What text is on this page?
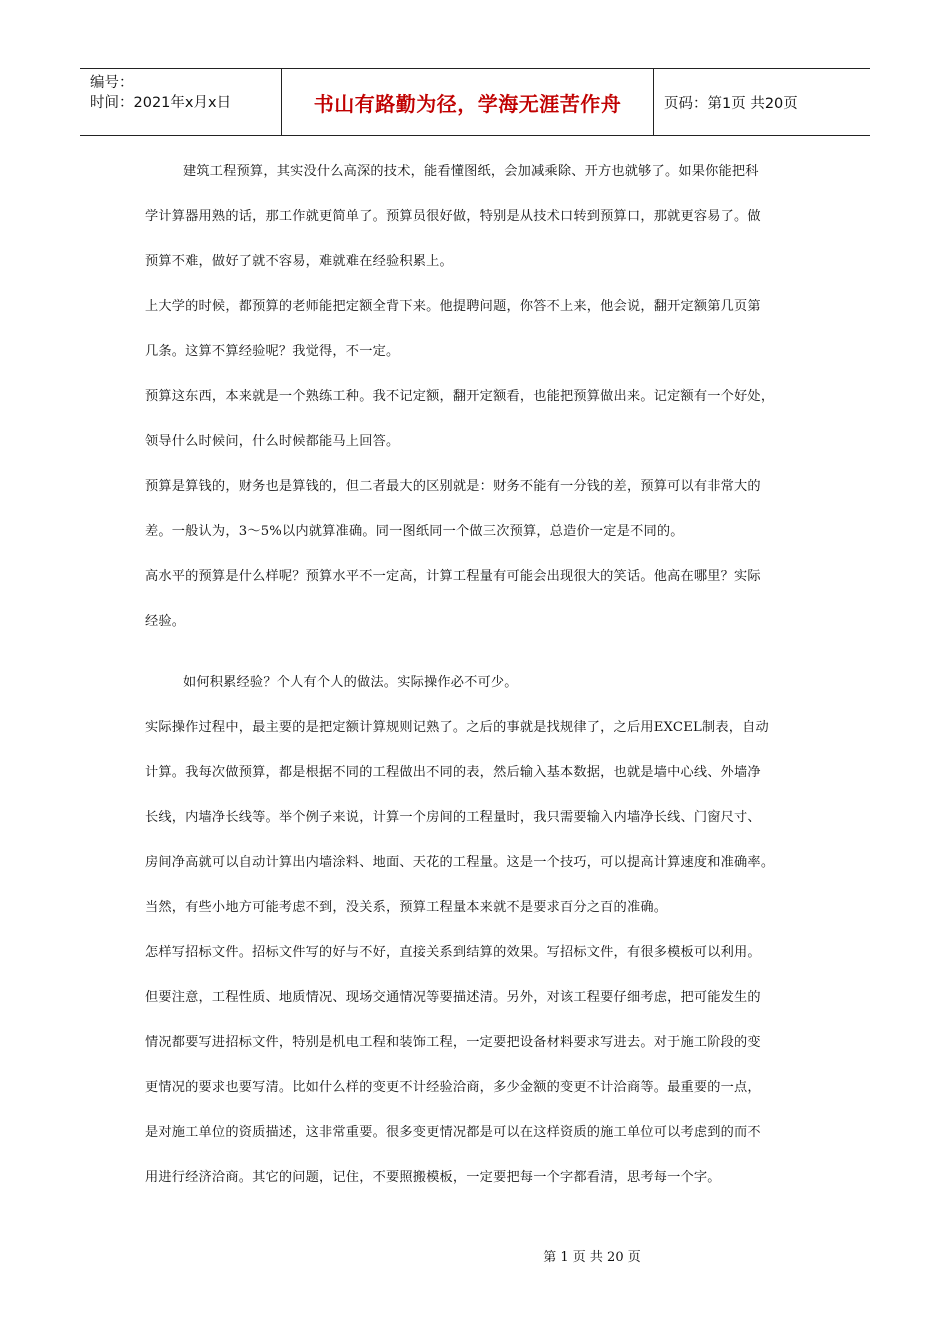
编号：
时间：2021年x月x日	书山有路勤为径，学海无涯苦作舟	页码：第1页 共20页
建筑工程预算，其实没什么高深的技术，能看懂图纸，会加减乘除、开方也就够了。如果你能把科
学计算器用熟的话，那工作就更简单了。预算员很好做，特别是从技术口转到预算口，那就更容易了。做
预算不难，做好了就不容易，难就难在经验积累上。
上大学的时候，都预算的老师能把定额全背下来。他提聘问题，你答不上来，他会说，翻开定额第几页第
几条。这算不算经验呢？我觉得，不一定。
预算这东西，本来就是一个熟练工种。我不记定额，翻开定额看，也能把预算做出来。记定额有一个好处，
领导什么时候问，什么时候都能马上回答。
预算是算钱的，财务也是算钱的，但二者最大的区别就是：财务不能有一分钱的差，预算可以有非常大的
差。一般认为，3～5%以内就算准确。同一图纸同一个做三次预算，总造价一定是不同的。
高水平的预算是什么样呢？预算水平不一定高，计算工程量有可能会出现很大的笑话。他高在哪里？实际
经验。
如何积累经验？个人有个人的做法。实际操作必不可少。
实际操作过程中，最主要的是把定额计算规则记熟了。之后的事就是找规律了，之后用EXCEL制表，自动
计算。我每次做预算，都是根据不同的工程做出不同的表，然后输入基本数据，也就是墙中心线、外墙净
长线，内墙净长线等。举个例子来说，计算一个房间的工程量时，我只需要输入内墙净长线、门窗尺寸、
房间净高就可以自动计算出内墙涂料、地面、天花的工程量。这是一个技巧，可以提高计算速度和准确率。
当然，有些小地方可能考虑不到，没关系，预算工程量本来就不是要求百分之百的准确。
怎样写招标文件。招标文件写的好与不好，直接关系到结算的效果。写招标文件，有很多模板可以利用。
但要注意，工程性质、地质情况、现场交通情况等要描述清。另外，对该工程要仔细考虑，把可能发生的
情况都要写进招标文件，特别是机电工程和装饰工程，一定要把设备材料要求写进去。对于施工阶段的变
更情况的要求也要写清。比如什么样的变更不计经验洽商，多少金额的变更不计洽商等。最重要的一点，
是对施工单位的资质描述，这非常重要。很多变更情况都是可以在这样资质的施工单位可以考虑到的而不
用进行经济洽商。其它的问题，记住，不要照搬模板，一定要把每一个字都看清，思考每一个字。
第 1 页 共 20 页
